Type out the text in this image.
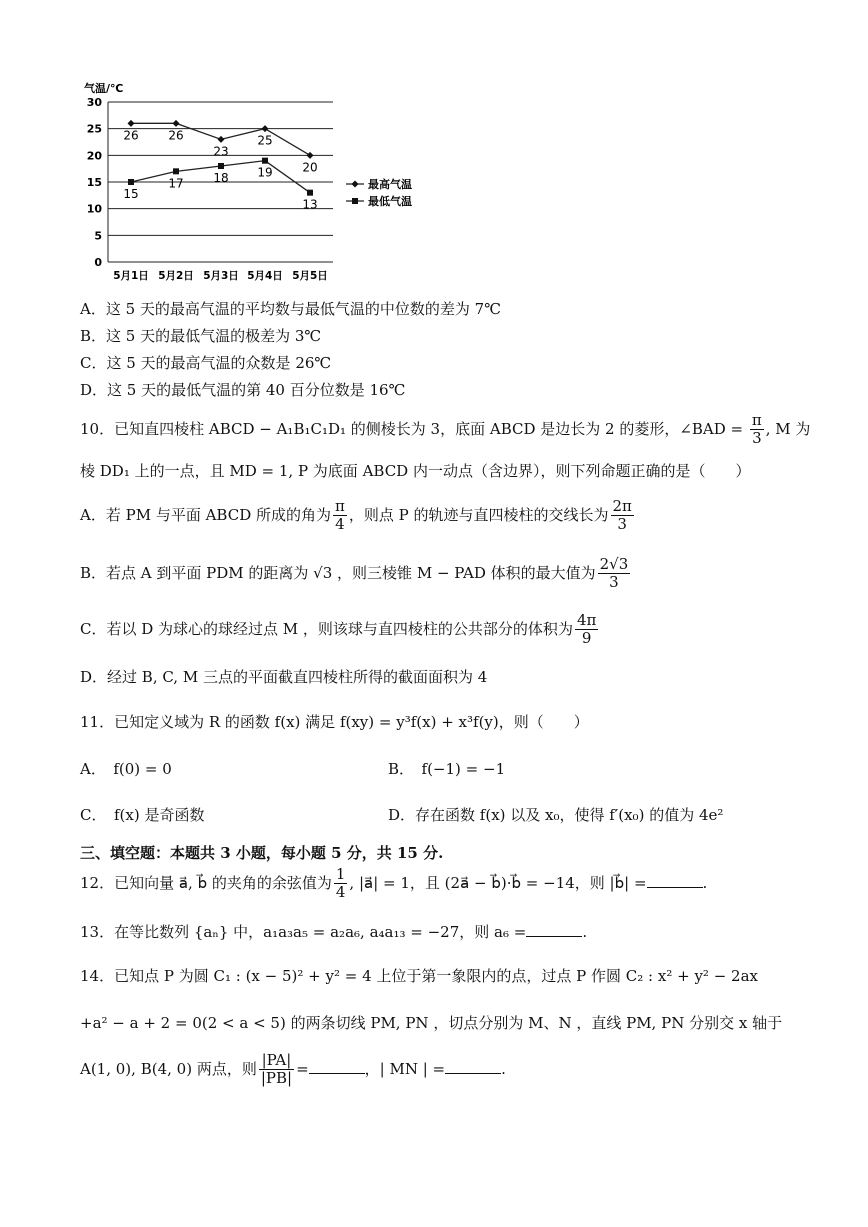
气温/℃
0
5
10
15
20
25
30
5月1日 5月2日 5月3日 5月4日 5月5日
26 26
23
25
20
15
17 18 19
13
最高气温
最低气温
A．这 5 天的最高气温的平均数与最低气温的中位数的差为 7℃
B．这 5 天的最低气温的极差为 3℃
C．这 5 天的最高气温的众数是 26℃
D．这 5 天的最低气温的第 40 百分位数是 16℃
10．已知直四棱柱 ABCD − A₁B₁C₁D₁ 的侧棱长为 3，底面 ABCD 是边长为 2 的菱形，∠BAD = $\frac{\pi}{3}$ , M 为
棱 DD₁ 上的一点，且 MD = 1, P 为底面 ABCD 内一动点（含边界），则下列命题正确的是（　　）
A．若 PM 与平面 ABCD 所成的角为 $\frac{\pi}{4}$ ，则点 P 的轨迹与直四棱柱的交线长为 $\frac{2\pi}{3}$
B．若点 A 到平面 PDM 的距离为 √3 ，则三棱锥 M − PAD 体积的最大值为 $\frac{2√3}{3}$
C．若以 D 为球心的球经过点 M ，则该球与直四棱柱的公共部分的体积为 $\frac{4\pi}{9}$
D．经过 B, C, M 三点的平面截直四棱柱所得的截面面积为 4
11．已知定义域为 R 的函数 f(x) 满足 f(xy) = y³f(x) + x³f(y)，则（　　）
A．　f(0) = 0	B．　f(−1) = −1
C．　f(x) 是奇函数	D．存在函数 f(x) 以及 x₀，使得 f′(x₀) 的值为 4e²
三、填空题：本题共 3 小题，每小题 5 分，共 15 分.
12．已知向量 a⃗, b⃗ 的夹角的余弦值为 $\frac{1}{4}$ , |a⃗| = 1，且 (2a⃗ − b⃗)·b⃗ = −14，则 |b⃗| =	.
13．在等比数列 {aₙ} 中，a₁a₃a₅ = a₂a₆, a₄a₁₃ = −27，则 a₆ =	.
14．已知点 P 为圆 C₁ : (x − 5)² + y² = 4 上位于第一象限内的点，过点 P 作圆 C₂ : x² + y² − 2ax
+a² − a + 2 = 0(2 < a < 5) 的两条切线 PM, PN ，切点分别为 M、N ，直线 PM, PN 分别交 x 轴于
A(1, 0), B(4, 0) 两点，则 $\frac{|PA|}{|PB|}$ =	，| MN | =	.
